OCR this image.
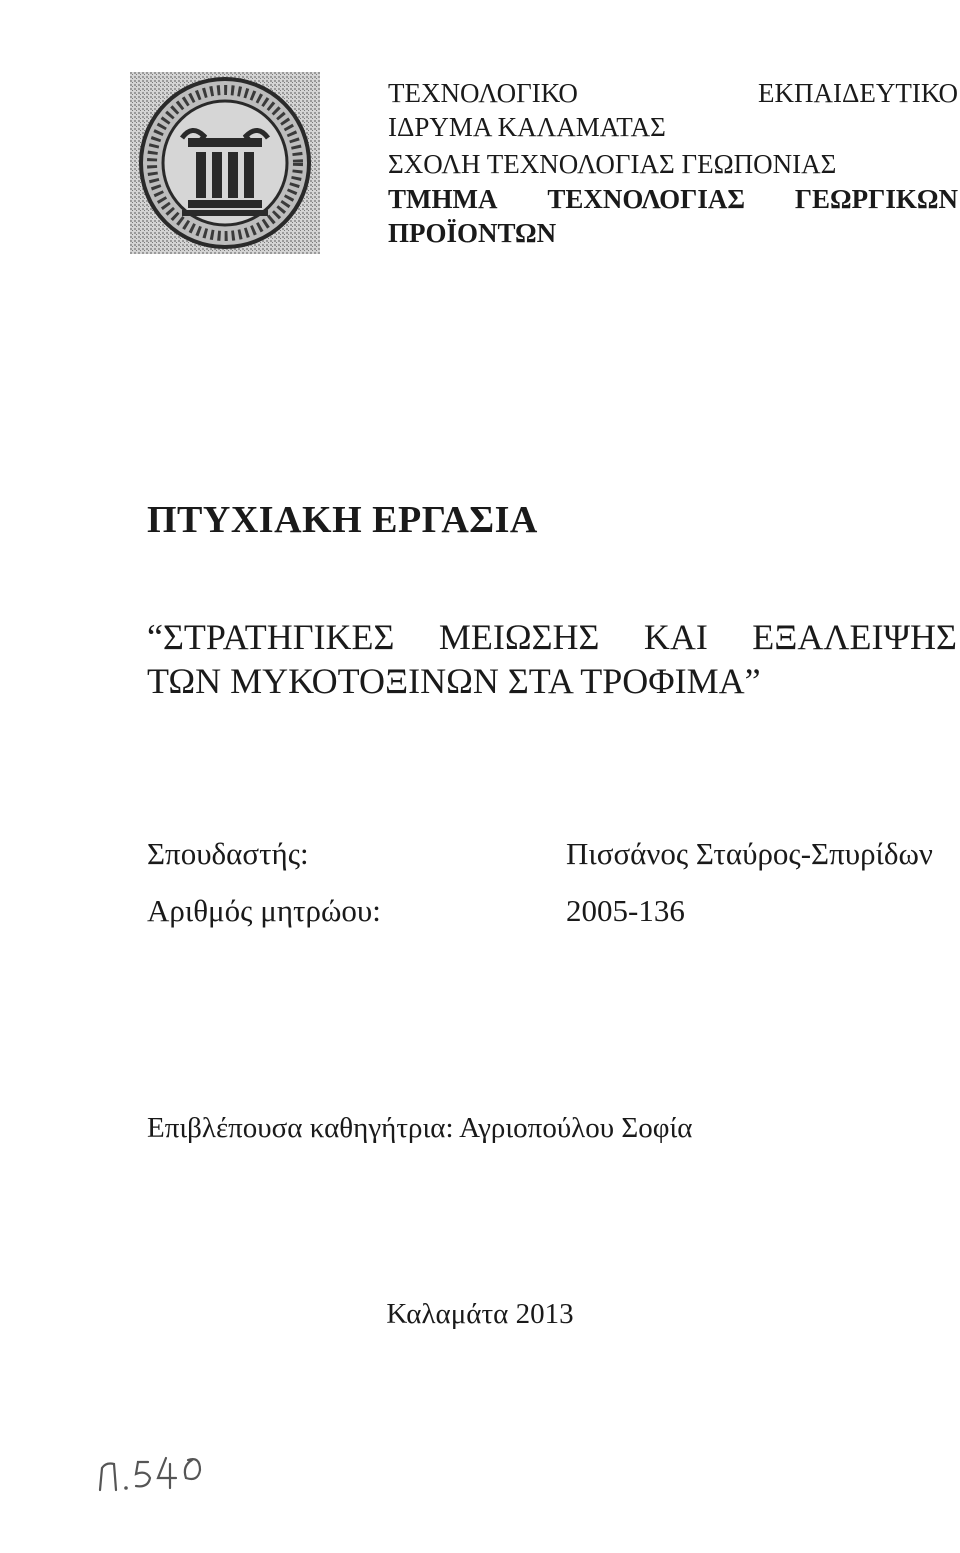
ΤΕΧΝΟΛΟΓΙΚΟ	ΕΚΠΑΙΔΕΥΤΙΚΟ
ΙΔΡΥΜΑ ΚΑΛΑΜΑΤΑΣ
ΣΧΟΛΗ ΤΕΧΝΟΛΟΓΙΑΣ ΓΕΩΠΟΝΙΑΣ
ΤΜΗΜΑ ΤΕΧΝΟΛΟΓΙΑΣ ΓΕΩΡΓΙΚΩΝ
ΠΡΟΪΟΝΤΩΝ
ΠΤΥΧΙΑΚΗ ΕΡΓΑΣΙΑ
“ΣΤΡΑΤΗΓΙΚΕΣ ΜΕΙΩΣΗΣ ΚΑΙ ΕΞΑΛΕΙΨΗΣ
ΤΩΝ ΜΥΚΟΤΟΞΙΝΩΝ ΣΤΑ ΤΡΟΦΙΜΑ”
Σπουδαστής:	Πισσάνος Σταύρος-Σπυρίδων
Αριθμός μητρώου:	2005-136
Επιβλέπουσα καθηγήτρια: Αγριοπούλου Σοφία
Καλαμάτα 2013
